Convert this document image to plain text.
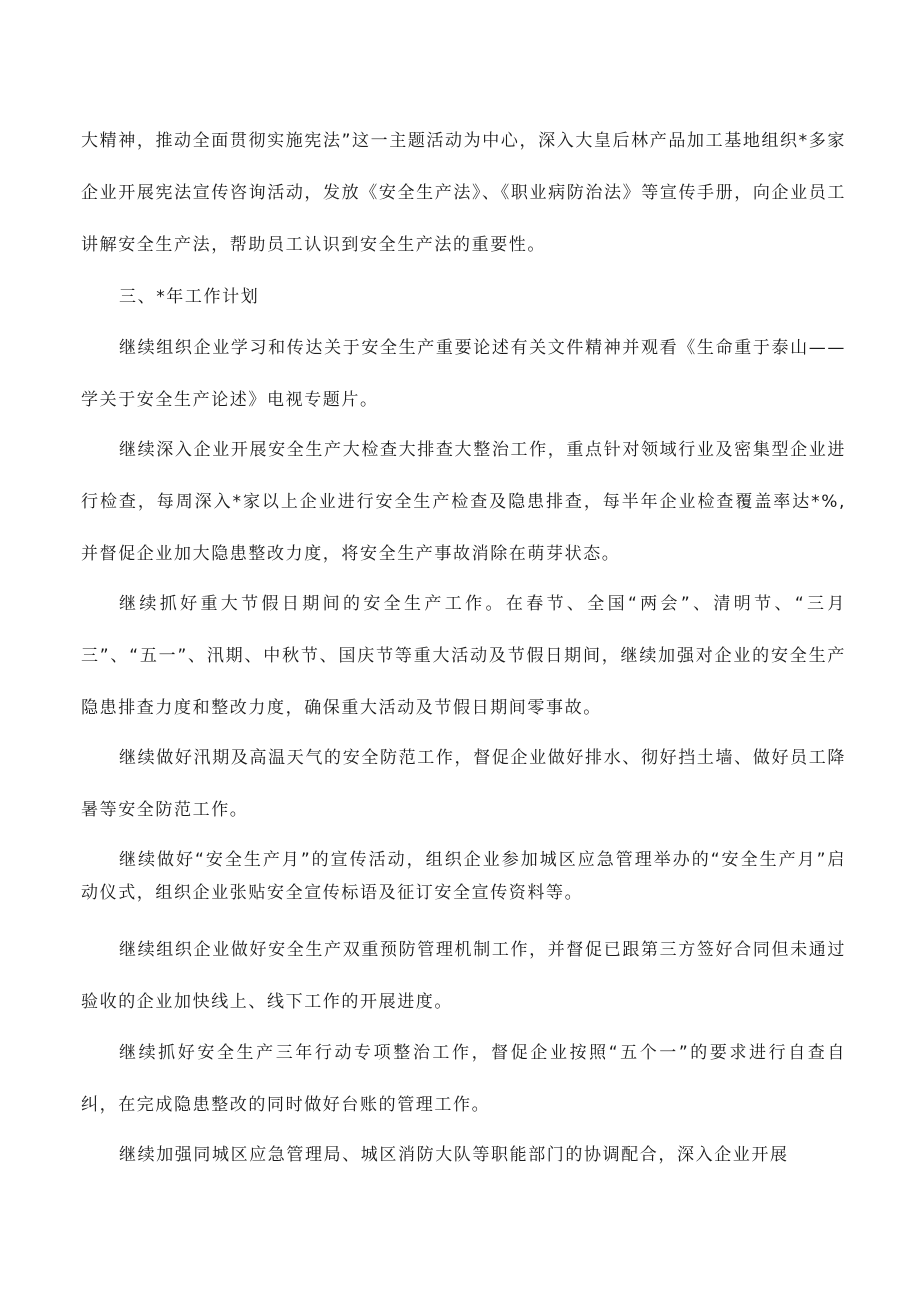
大精神，推动全面贯彻实施宪法”这一主题活动为中心，深入大皇后林产品加工基地组织*多家企业开展宪法宣传咨询活动，发放《安全生产法》、《职业病防治法》等宣传手册，向企业员工讲解安全生产法，帮助员工认识到安全生产法的重要性。

三、*年工作计划

继续组织企业学习和传达关于安全生产重要论述有关文件精神并观看《生命重于泰山——学关于安全生产论述》电视专题片。

继续深入企业开展安全生产大检查大排查大整治工作，重点针对领域行业及密集型企业进行检查，每周深入*家以上企业进行安全生产检查及隐患排查，每半年企业检查覆盖率达*%,并督促企业加大隐患整改力度，将安全生产事故消除在萌芽状态。

继续抓好重大节假日期间的安全生产工作。在春节、全国“两会”、清明节、“三月三”、“五一”、汛期、中秋节、国庆节等重大活动及节假日期间，继续加强对企业的安全生产隐患排查力度和整改力度，确保重大活动及节假日期间零事故。

继续做好汛期及高温天气的安全防范工作，督促企业做好排水、彻好挡土墙、做好员工降暑等安全防范工作。

继续做好“安全生产月”的宣传活动，组织企业参加城区应急管理举办的“安全生产月”启动仪式，组织企业张贴安全宣传标语及征订安全宣传资料等。

继续组织企业做好安全生产双重预防管理机制工作，并督促已跟第三方签好合同但未通过验收的企业加快线上、线下工作的开展进度。

继续抓好安全生产三年行动专项整治工作，督促企业按照“五个一”的要求进行自查自纠，在完成隐患整改的同时做好台账的管理工作。

继续加强同城区应急管理局、城区消防大队等职能部门的协调配合，深入企业开展
